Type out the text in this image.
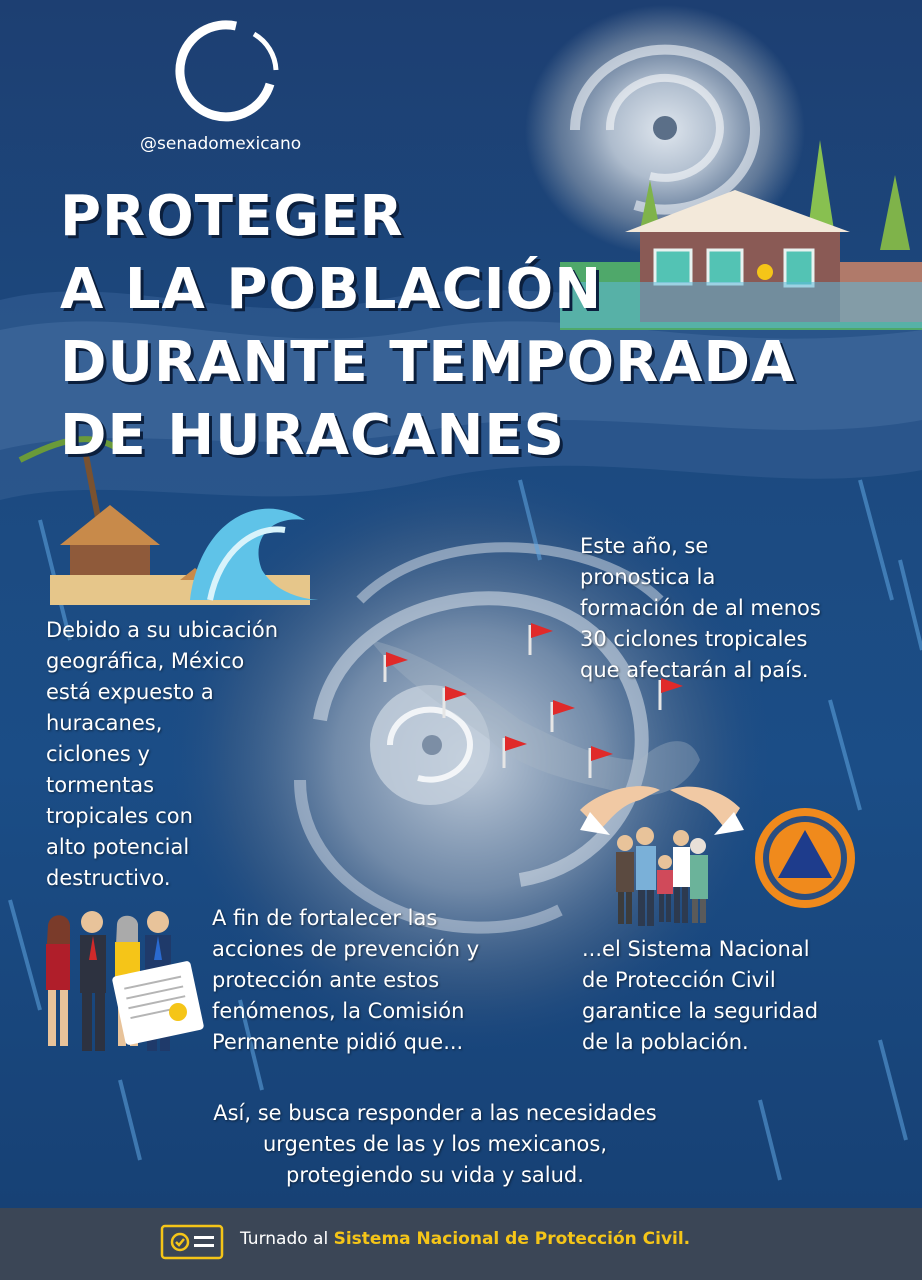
@senadomexicano
PROTEGER
A LA POBLACIÓN
DURANTE TEMPORADA
DE HURACANES
Debido a su ubicación
geográfica, México
está expuesto a
huracanes,
ciclones y
tormentas
tropicales con
alto potencial
destructivo.
Este año, se
pronostica la
formación de al menos
30 ciclones tropicales
que afectarán al país.
A fin de fortalecer las
acciones de prevención y
protección ante estos
fenómenos, la Comisión
Permanente pidió que...
...el Sistema Nacional
de Protección Civil
garantice la seguridad
de la población.
Así, se busca responder a las necesidades
urgentes de las y los mexicanos,
protegiendo su vida y salud.
Turnado al Sistema Nacional de Protección Civil.
